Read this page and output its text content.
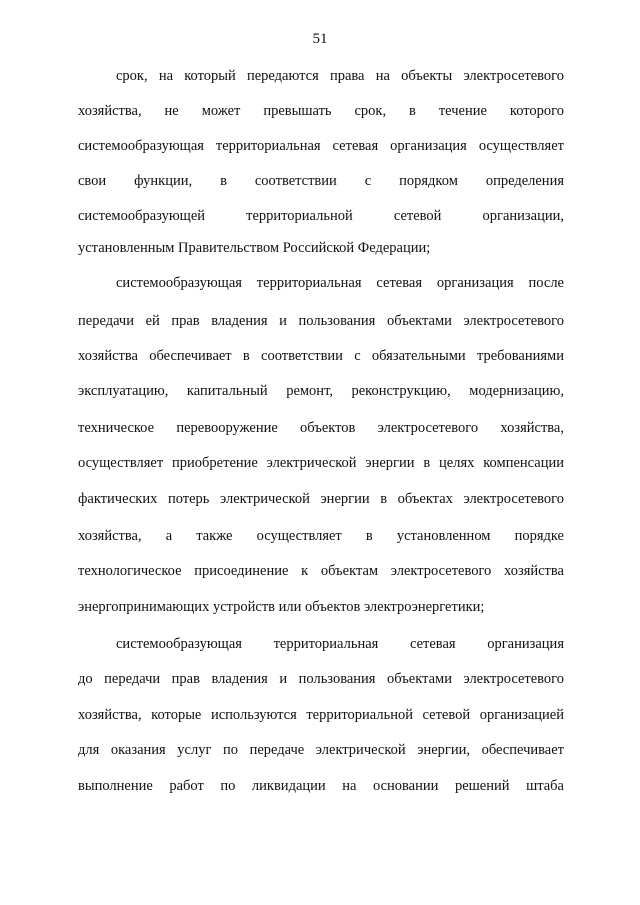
51
срок, на который передаются права на объекты электросетевого
хозяйства, не может превышать срок, в течение которого
системообразующая территориальная сетевая организация осуществляет
свои функции, в соответствии с порядком определения
системообразующей территориальной сетевой организации,
установленным Правительством Российской Федерации;
системообразующая территориальная сетевая организация после
передачи ей прав владения и пользования объектами электросетевого
хозяйства обеспечивает в соответствии с обязательными требованиями
эксплуатацию, капитальный ремонт, реконструкцию, модернизацию,
техническое перевооружение объектов электросетевого хозяйства,
осуществляет приобретение электрической энергии в целях компенсации
фактических потерь электрической энергии в объектах электросетевого
хозяйства, а также осуществляет в установленном порядке
технологическое присоединение к объектам электросетевого хозяйства
энергопринимающих устройств или объектов электроэнергетики;
системообразующая территориальная сетевая организация
до передачи прав владения и пользования объектами электросетевого
хозяйства, которые используются территориальной сетевой организацией
для оказания услуг по передаче электрической энергии, обеспечивает
выполнение работ по ликвидации на основании решений штаба
